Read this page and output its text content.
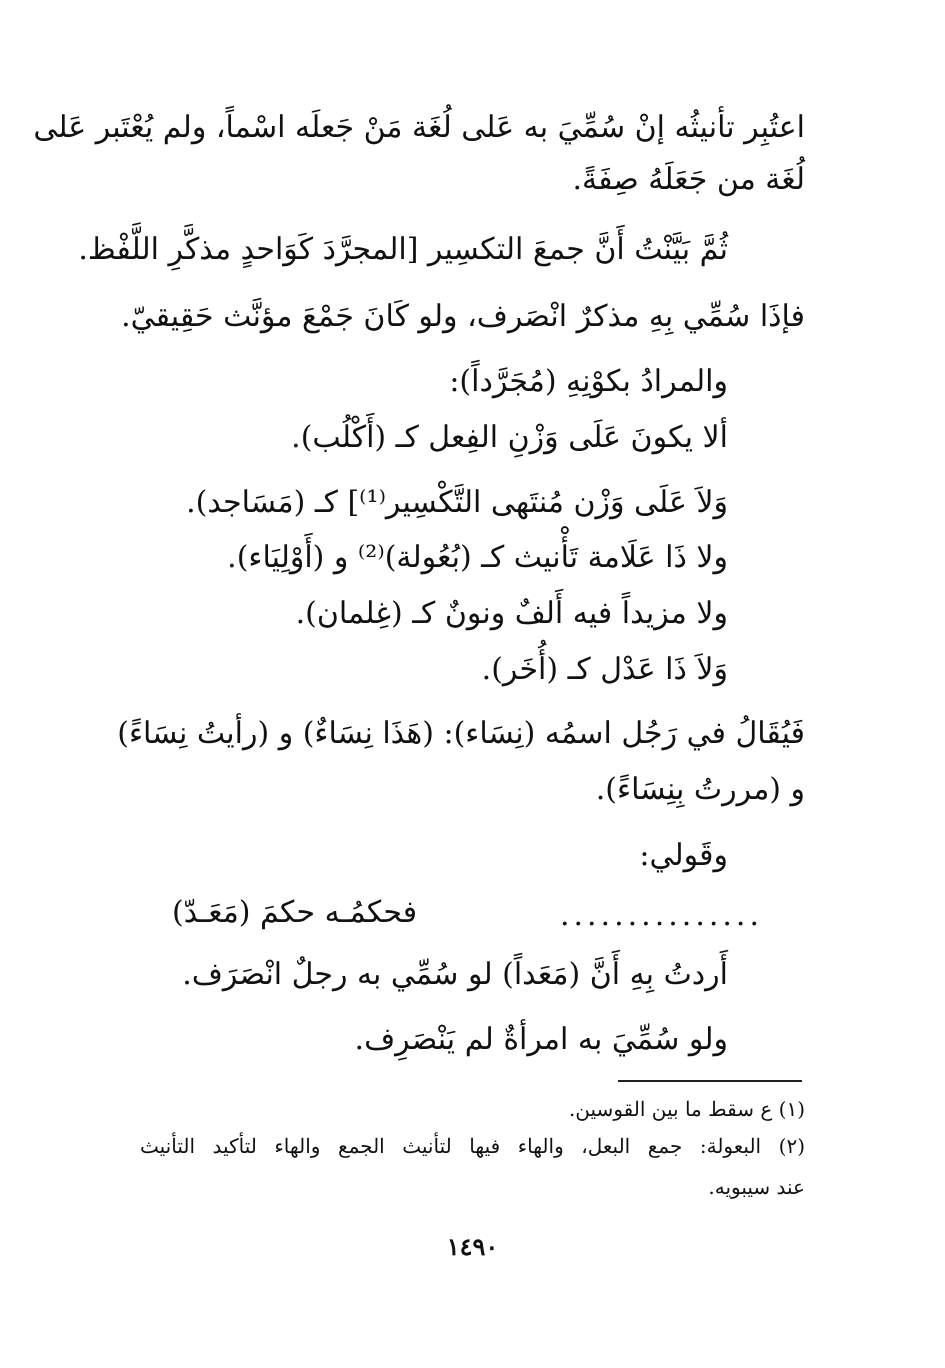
اعتُبِر تأنيثُه إنْ سُمِّيَ به عَلى لُغَة مَنْ جَعلَه اسْماً، ولم يُعْتَبر عَلى
لُغَة من جَعَلَهُ صِفَةً.
ثُمَّ بَيَّنْتُ أَنَّ جمعَ التكسِير [المجرَّدَ كَوَاحدٍ مذكَّرِ اللَّفْظ.
فإذَا سُمِّي بِهِ مذكرٌ انْصَرف، ولو كَانَ جَمْعَ مؤنَّث حَقِيقيّ.
والمرادُ بكوْنِهِ (مُجَرَّداً):
ألا يكونَ عَلَى وَزْنِ الفِعل كـ (أَكْلُب).
وَلاَ عَلَى وَزْن مُنتَهى التَّكْسِير⁽¹⁾] كـ (مَسَاجد).
ولا ذَا عَلَامة تَأْنيث كـ (بُعُولة)⁽²⁾ و (أَوْلِيَاء).
ولا مزيداً فيه أَلفٌ ونونٌ كـ (غِلمان).
وَلاَ ذَا عَدْل كـ (أُخَر).
فَيُقَالُ في رَجُل اسمُه (نِسَاء): (هَذَا نِسَاءٌ) و (رأيتُ نِسَاءً)
و (مررتُ بِنِسَاءً).
وقَولي:
...............
فحكمُـه حكمَ (مَعَـدّ)
أَردتُ بِهِ أَنَّ (مَعَداً) لو سُمِّي به رجلٌ انْصَرَف.
ولو سُمِّيَ به امرأةٌ لم يَنْصَرِف.
(١) ع سقط ما بين القوسين.
(٢) البعولة: جمع البعل، والهاء فيها لتأنيث الجمع والهاء لتأكيد التأنيث
عند سيبويه.
١٤٩٠
